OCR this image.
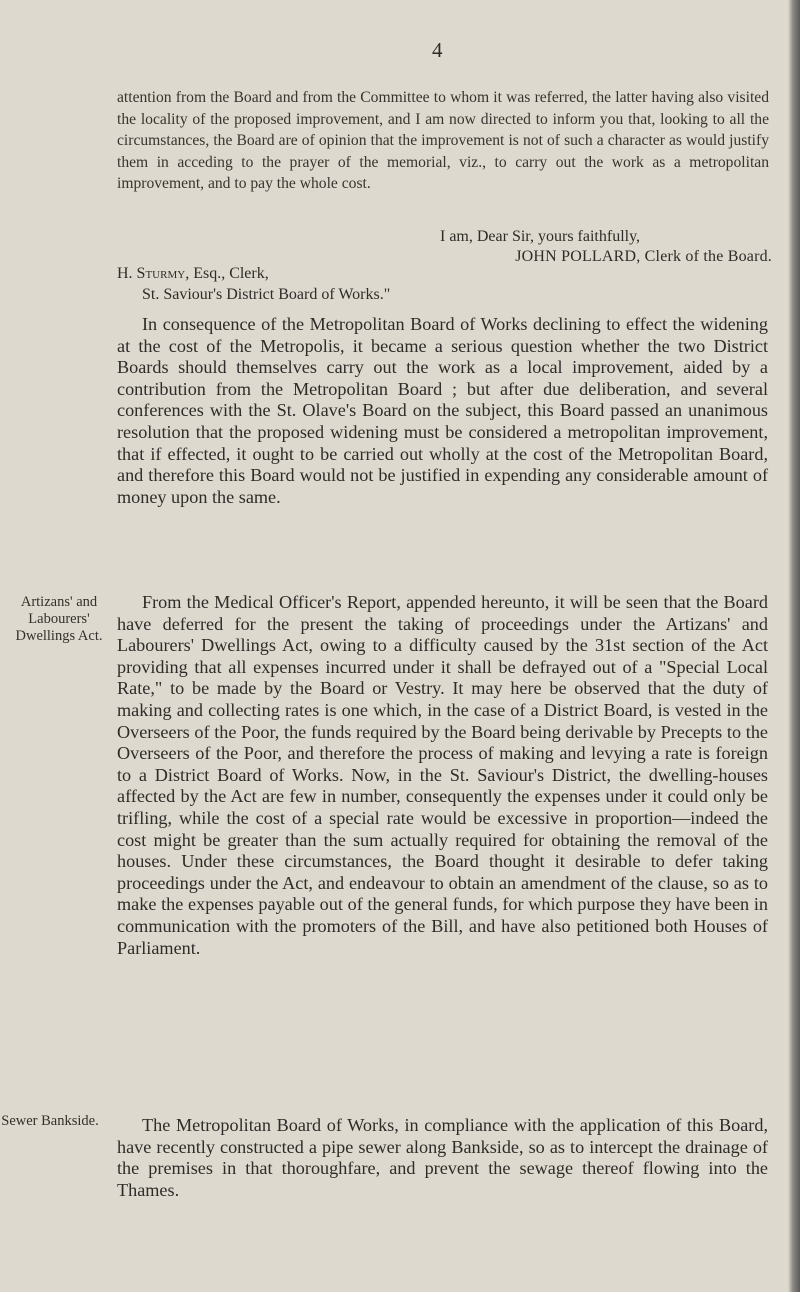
4
attention from the Board and from the Committee to whom it was referred, the latter having also visited the locality of the proposed improvement, and I am now directed to inform you that, looking to all the circumstances, the Board are of opinion that the improvement is not of such a character as would justify them in acceding to the prayer of the memorial, viz., to carry out the work as a metropolitan improvement, and to pay the whole cost.
I am, Dear Sir, yours faithfully,
JOHN POLLARD, Clerk of the Board.
H. Sturmy, Esq., Clerk,
St. Saviour's District Board of Works."

In consequence of the Metropolitan Board of Works declining to effect the widening at the cost of the Metropolis, it became a serious question whether the two District Boards should themselves carry out the work as a local improvement, aided by a contribution from the Metropolitan Board ; but after due deliberation, and several conferences with the St. Olave's Board on the subject, this Board passed an unanimous resolution that the proposed widening must be considered a metropolitan improvement, that if effected, it ought to be carried out wholly at the cost of the Metropolitan Board, and therefore this Board would not be justified in expending any considerable amount of money upon the same.

Artizans' and Labourers' Dwellings Act.

From the Medical Officer's Report, appended hereunto, it will be seen that the Board have deferred for the present the taking of proceedings under the Artizans' and Labourers' Dwellings Act, owing to a difficulty caused by the 31st section of the Act providing that all expenses incurred under it shall be defrayed out of a "Special Local Rate," to be made by the Board or Vestry. It may here be observed that the duty of making and collecting rates is one which, in the case of a District Board, is vested in the Overseers of the Poor, the funds required by the Board being derivable by Precepts to the Overseers of the Poor, and therefore the process of making and levying a rate is foreign to a District Board of Works. Now, in the St. Saviour's District, the dwelling-houses affected by the Act are few in number, consequently the expenses under it could only be trifling, while the cost of a special rate would be excessive in proportion—indeed the cost might be greater than the sum actually required for obtaining the removal of the houses. Under these circumstances, the Board thought it desirable to defer taking proceedings under the Act, and endeavour to obtain an amendment of the clause, so as to make the expenses payable out of the general funds, for which purpose they have been in communication with the promoters of the Bill, and have also petitioned both Houses of Parliament.

Sewer Bankside.	The Metropolitan Board of Works, in compliance with the application of this Board, have recently constructed a pipe sewer along Bankside, so as to intercept the drainage of the premises in that thoroughfare, and prevent the sewage thereof flowing into the Thames.
